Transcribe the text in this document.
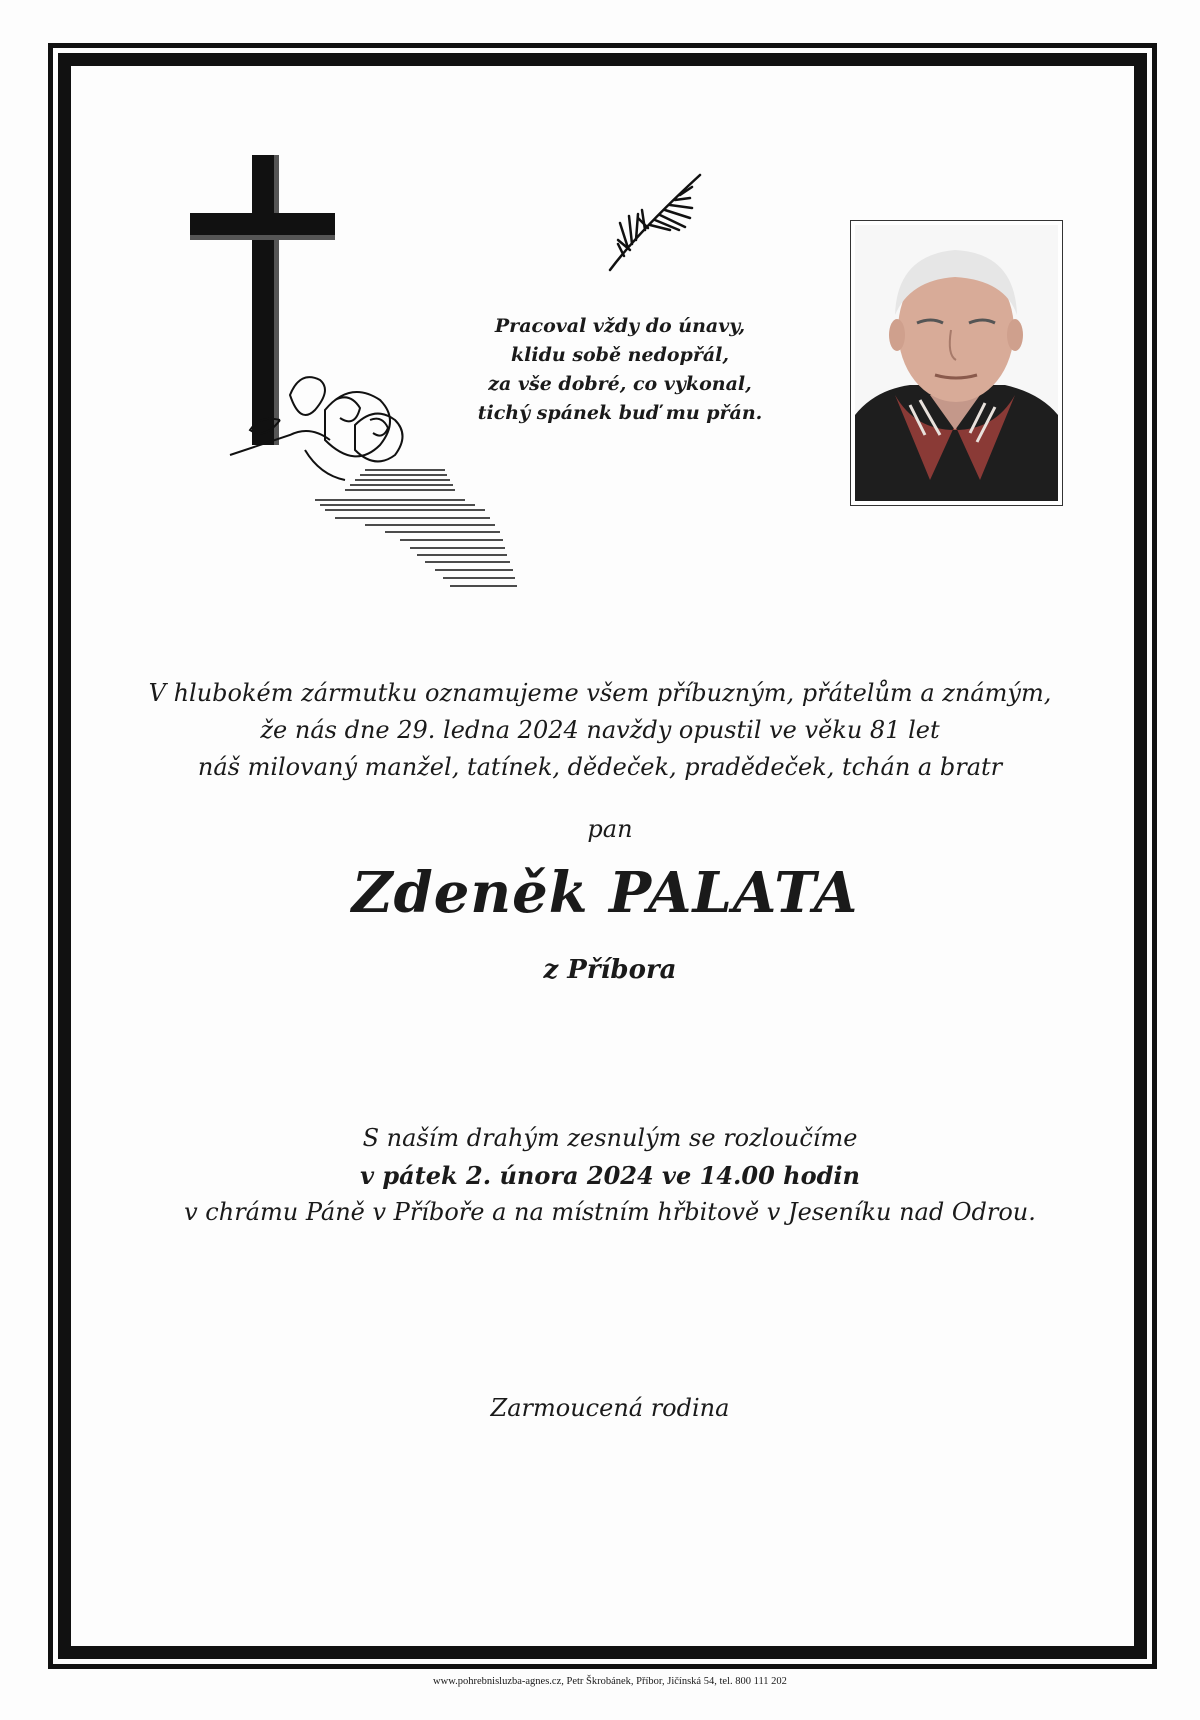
Pracoval vždy do únavy,
klidu sobě nedopřál,
za vše dobré, co vykonal,
tichý spánek buď mu přán.
V hlubokém zármutku oznamujeme všem příbuzným, přátelům a známým,
že nás dne 29. ledna 2024 navždy opustil ve věku 81 let
náš milovaný manžel, tatínek, dědeček, pradědeček, tchán a bratr
pan
Zdeněk PALATA
z Příbora
S naším drahým zesnulým se rozloučíme
v pátek 2. února 2024 ve 14.00 hodin
v chrámu Páně v Příboře a na místním hřbitově v Jeseníku nad Odrou.
Zarmoucená rodina
www.pohrebnisluzba-agnes.cz, Petr Škrobánek, Příbor, Jičínská 54, tel. 800 111 202
